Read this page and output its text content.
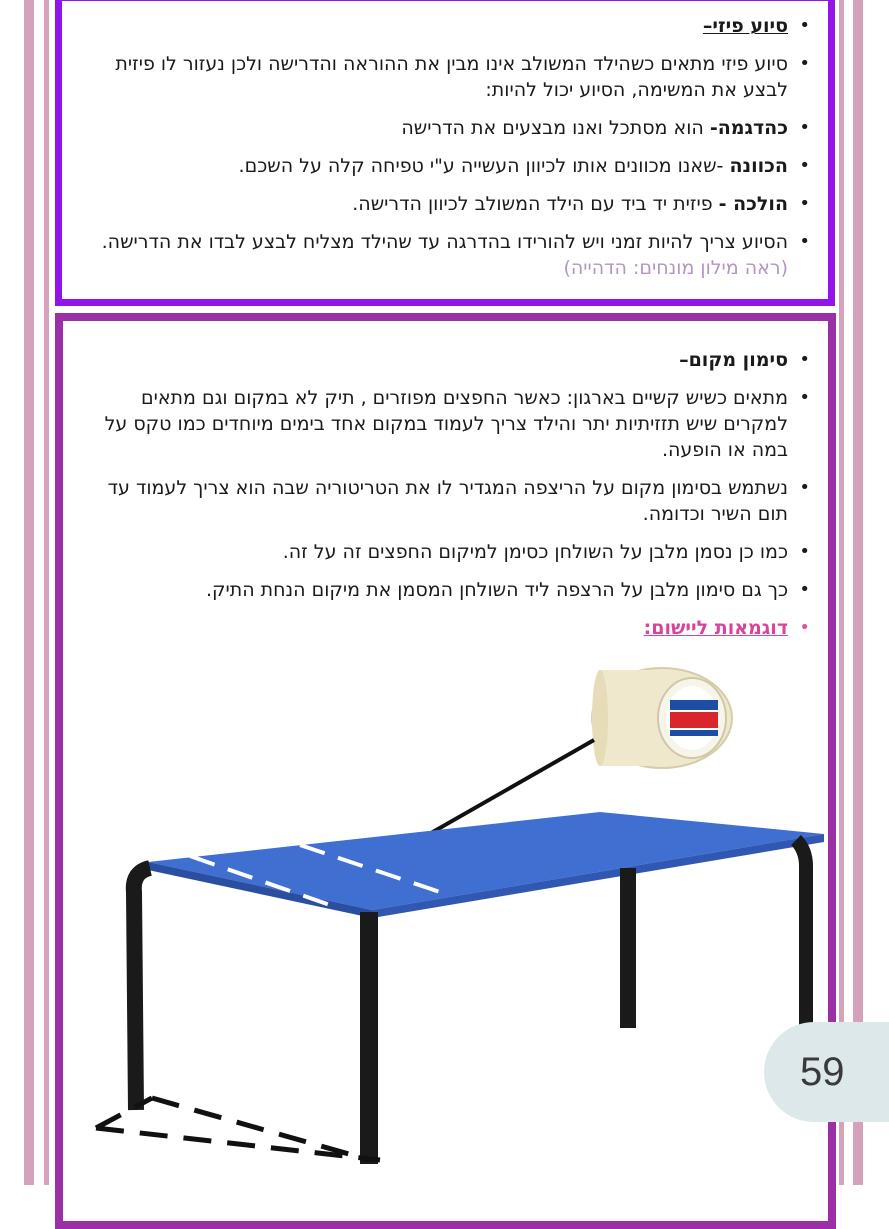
• סיוע פיזי–
• סיוע פיזי מתאים כשהילד המשולב אינו מבין את ההוראה והדרישה ולכן נעזור לו פיזית לבצע את המשימה, הסיוע יכול להיות:
• כהדגמה- הוא מסתכל ואנו מבצעים את הדרישה
• הכוונה -שאנו מכוונים אותו לכיוון העשייה ע"י טפיחה קלה על השכם.
• הולכה - פיזית יד ביד עם הילד המשולב לכיוון הדרישה.
• הסיוע צריך להיות זמני ויש להורידו בהדרגה עד שהילד מצליח לבצע לבדו את הדרישה. (ראה מילון מונחים: הדהייה)
• סימון מקום–
• מתאים כשיש קשיים בארגון: כאשר החפצים מפוזרים , תיק לא במקום וגם מתאים למקרים שיש תזזיתיות יתר והילד צריך לעמוד במקום אחד בימים מיוחדים כמו טקס על במה או הופעה.
• נשתמש בסימון מקום על הריצפה המגדיר לו את הטריטוריה שבה הוא צריך לעמוד עד תום השיר וכדומה.
• כמו כן נסמן מלבן על השולחן כסימן למיקום החפצים זה על זה.
• כך גם סימון מלבן על הרצפה ליד השולחן המסמן את מיקום הנחת התיק.
• דוגמאות ליישום:
59
